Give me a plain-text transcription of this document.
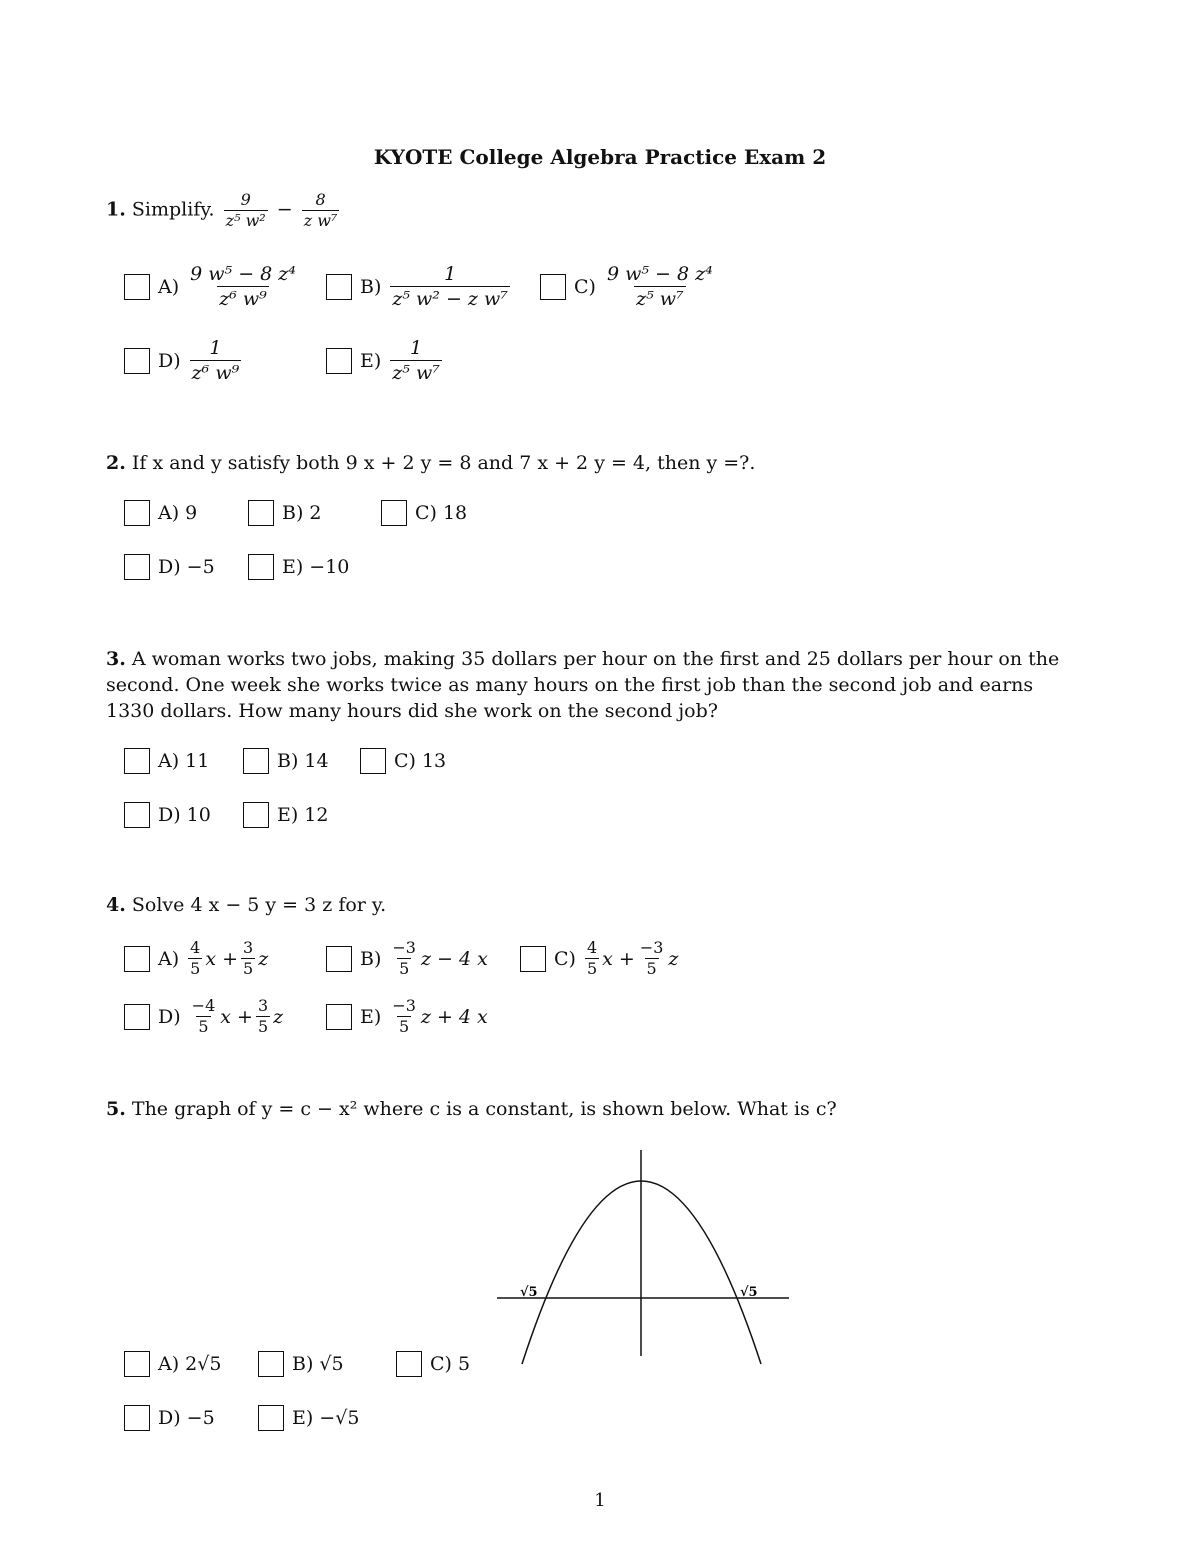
KYOTE College Algebra Practice Exam 2
1. Simplify. $\frac{9}{\text{z⁵ w²}} - \frac{8}{\text{z w⁷}}$
$A) \frac{\text{9 w⁵ − 8 z⁴}}{\text{z⁶ w⁹}}$	$B) \frac{1}{\text{z⁵ w² − z w⁷}}$	$C) \frac{\text{9 w⁵ − 8 z⁴}}{\text{z⁵ w⁷}}$
$D) \frac{1}{\text{z⁶ w⁹}}$	$E) \frac{1}{\text{z⁵ w⁷}}$
2. If x and y satisfy both 9 x + 2 y = 8 and 7 x + 2 y = 4, then y =?.
A) 9	B) 2	C) 18
D) −5	E) −10
3. A woman works two jobs, making 35 dollars per hour on the first and 25 dollars per hour on the second. One week she works twice as many hours on the first job than the second job and earns 1330 dollars. How many hours did she work on the second job?
A) 11	B) 14	C) 13
D) 10	E) 12
4. Solve 4 x − 5 y = 3 z for y.
$A) \frac{4}{5}$ $x + \frac{3}{5}$ z	$B) \frac{-3}{5}$ z − 4 x	$C) \frac{4}{5}$ $x + \frac{-3}{5}$ z
$D) \frac{-4}{5}$ $x + \frac{3}{5}$ z	$E) \frac{-3}{5}$ z + 4 x
5. The graph of y = c − x² where c is a constant, is shown below. What is c?
√5	√5
A) 2√5	B) √5	C) 5
D) −5	E) −√5
1
